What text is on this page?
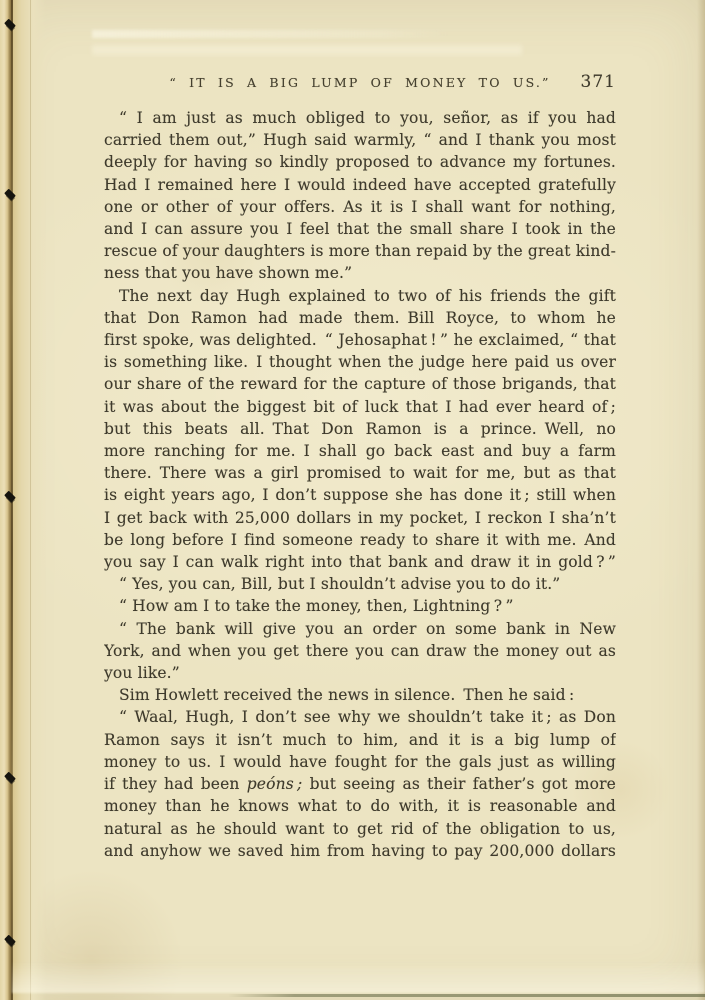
“ IT IS A BIG LUMP OF MONEY TO US.”	371
“ I am just as much obliged to you, señor, as if you had
carried them out,” Hugh said warmly, “ and I thank you most
deeply for having so kindly proposed to advance my fortunes.
Had I remained here I would indeed have accepted gratefully
one or other of your offers. As it is I shall want for nothing,
and I can assure you I feel that the small share I took in the
rescue of your daughters is more than repaid by the great kind-
ness that you have shown me.”
The next day Hugh explained to two of his friends the gift
that Don Ramon had made them. Bill Royce, to whom he
first spoke, was delighted. “ Jehosaphat ! ” he exclaimed, “ that
is something like. I thought when the judge here paid us over
our share of the reward for the capture of those brigands, that
it was about the biggest bit of luck that I had ever heard of ;
but this beats all. That Don Ramon is a prince. Well, no
more ranching for me. I shall go back east and buy a farm
there. There was a girl promised to wait for me, but as that
is eight years ago, I don’t suppose she has done it ; still when
I get back with 25,000 dollars in my pocket, I reckon I sha’n’t
be long before I find someone ready to share it with me. And
you say I can walk right into that bank and draw it in gold ? ”
“ Yes, you can, Bill, but I shouldn’t advise you to do it.”
“ How am I to take the money, then, Lightning ? ”
“ The bank will give you an order on some bank in New
York, and when you get there you can draw the money out as
you like.”
Sim Howlett received the news in silence. Then he said :
“ Waal, Hugh, I don’t see why we shouldn’t take it ; as Don
Ramon says it isn’t much to him, and it is a big lump of
money to us. I would have fought for the gals just as willing
if they had been peóns ; but seeing as their father’s got more
money than he knows what to do with, it is reasonable and
natural as he should want to get rid of the obligation to us,
and anyhow we saved him from having to pay 200,000 dollars
